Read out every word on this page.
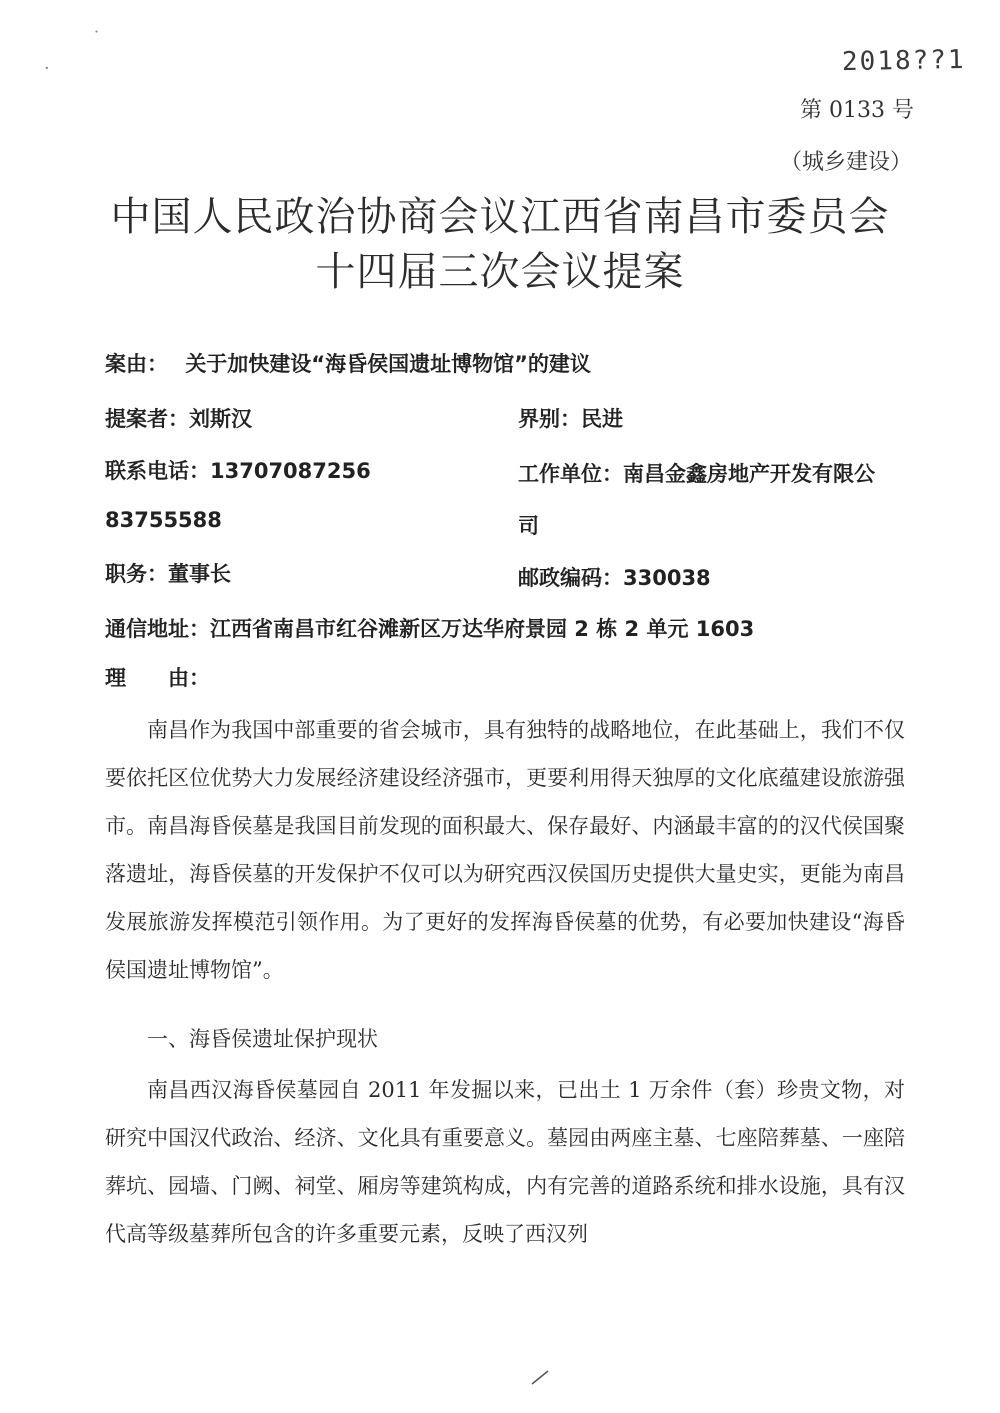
˙
·	2018??1
第 0133 号
（城乡建设）
中国人民政治协商会议江西省南昌市委员会
十四届三次会议提案
案由： 关于加快建设“海昏侯国遗址博物馆”的建议
提案者：刘斯汉	界别：民进
联系电话：13707087256	工作单位：南昌金鑫房地产开发有限公
83755588	司
职务：董事长	邮政编码：330038
通信地址：江西省南昌市红谷滩新区万达华府景园 2 栋 2 单元 1603
理　　由：
南昌作为我国中部重要的省会城市，具有独特的战略地位，在此基础上，我们不仅要依托区位优势大力发展经济建设经济强市，更要利用得天独厚的文化底蕴建设旅游强市。南昌海昏侯墓是我国目前发现的面积最大、保存最好、内涵最丰富的的汉代侯国聚落遗址，海昏侯墓的开发保护不仅可以为研究西汉侯国历史提供大量史实，更能为南昌发展旅游发挥模范引领作用。为了更好的发挥海昏侯墓的优势，有必要加快建设“海昏侯国遗址博物馆”。
一、海昏侯遗址保护现状
南昌西汉海昏侯墓园自 2011 年发掘以来，已出土 1 万余件（套）珍贵文物，对研究中国汉代政治、经济、文化具有重要意义。墓园由两座主墓、七座陪葬墓、一座陪葬坑、园墙、门阙、祠堂、厢房等建筑构成，内有完善的道路系统和排水设施，具有汉代高等级墓葬所包含的许多重要元素，反映了西汉列
